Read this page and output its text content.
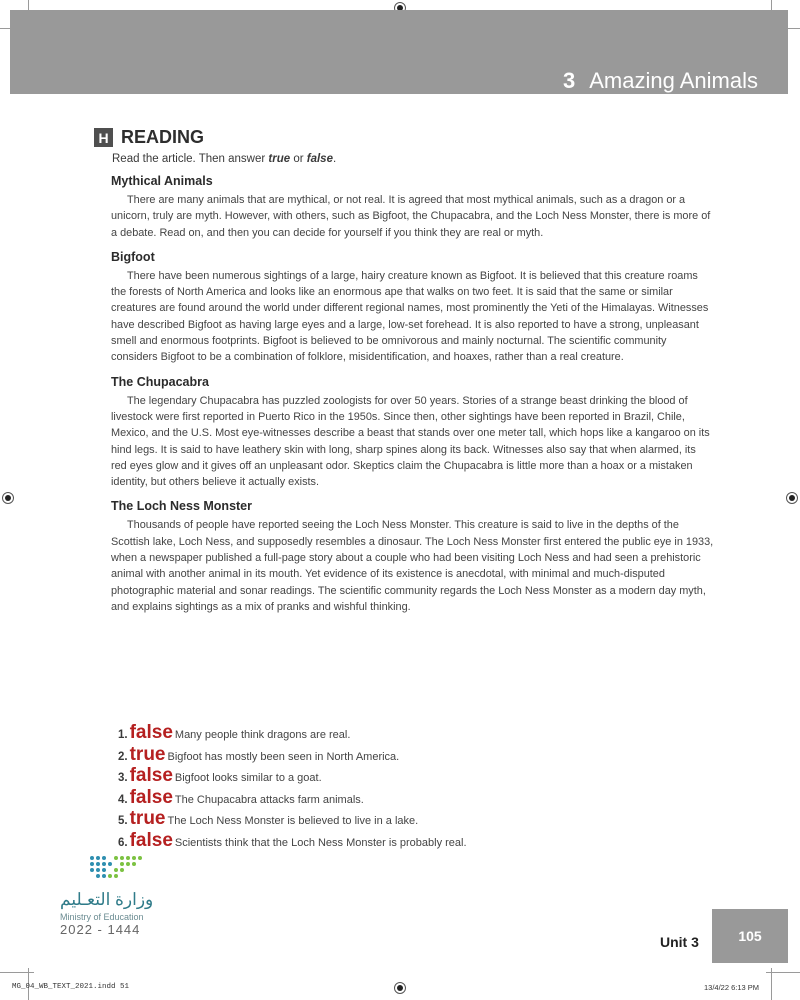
3 Amazing Animals
H READING
Read the article. Then answer true or false.
Mythical Animals

There are many animals that are mythical, or not real. It is agreed that most mythical animals, such as a dragon or a unicorn, truly are myth. However, with others, such as Bigfoot, the Chupacabra, and the Loch Ness Monster, there is more of a debate. Read on, and then you can decide for yourself if you think they are real or myth.

Bigfoot

There have been numerous sightings of a large, hairy creature known as Bigfoot. It is believed that this creature roams the forests of North America and looks like an enormous ape that walks on two feet. It is said that the same or similar creatures are found around the world under different regional names, most prominently the Yeti of the Himalayas. Witnesses have described Bigfoot as having large eyes and a large, low-set forehead. It is also reported to have a strong, unpleasant smell and enormous footprints. Bigfoot is believed to be omnivorous and mainly nocturnal. The scientific community considers Bigfoot to be a combination of folklore, misidentification, and hoaxes, rather than a real creature.

The Chupacabra

The legendary Chupacabra has puzzled zoologists for over 50 years. Stories of a strange beast drinking the blood of livestock were first reported in Puerto Rico in the 1950s. Since then, other sightings have been reported in Brazil, Chile, Mexico, and the U.S. Most eye-witnesses describe a beast that stands over one meter tall, which hops like a kangaroo on its hind legs. It is said to have leathery skin with long, sharp spines along its back. Witnesses also say that when alarmed, its red eyes glow and it gives off an unpleasant odor. Skeptics claim the Chupacabra is little more than a hoax or a mistaken identity, but others believe it actually exists.

The Loch Ness Monster

Thousands of people have reported seeing the Loch Ness Monster. This creature is said to live in the depths of the Scottish lake, Loch Ness, and supposedly resembles a dinosaur. The Loch Ness Monster first entered the public eye in 1933, when a newspaper published a full-page story about a couple who had been visiting Loch Ness and had seen a prehistoric animal with another animal in its mouth. Yet evidence of its existence is anecdotal, with minimal and much-disputed photographic material and sonar readings. The scientific community regards the Loch Ness Monster as a modern day myth, and explains sightings as a mix of pranks and wishful thinking.

1. false Many people think dragons are real.
2. true Bigfoot has mostly been seen in North America.
3. false Bigfoot looks similar to a goat.
4. false The Chupacabra attacks farm animals.
5. true The Loch Ness Monster is believed to live in a lake.
6. false Scientists think that the Loch Ness Monster is probably real.
وزارة التعـليم
Ministry of Education
2022 - 1444
Unit 3	105
MG_04_WB_TEXT_2021.indd 51	13/4/22 6:13 PM
